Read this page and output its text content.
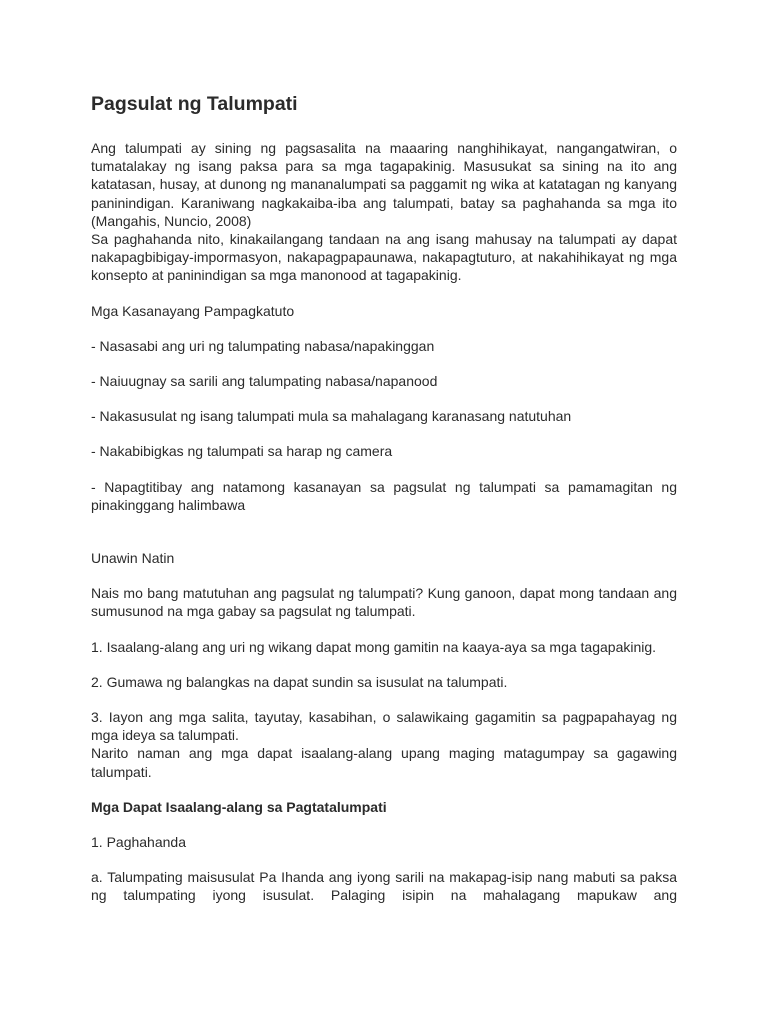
Pagsulat ng Talumpati

Ang talumpati ay sining ng pagsasalita na maaaring nanghihikayat, nangangatwiran, o tumatalakay ng isang paksa para sa mga tagapakinig. Masusukat sa sining na ito ang katatasan, husay, at dunong ng mananalumpati sa paggamit ng wika at katatagan ng kanyang paninindigan. Karaniwang nagkakaiba-iba ang talumpati, batay sa paghahanda sa mga ito (Mangahis, Nuncio, 2008)

Sa paghahanda nito, kinakailangang tandaan na ang isang mahusay na talumpati ay dapat nakapagbibigay-impormasyon, nakapagpapaunawa, nakapagtuturo, at nakahihikayat ng mga konsepto at paninindigan sa mga manonood at tagapakinig.

Mga Kasanayang Pampagkatuto

- Nasasabi ang uri ng talumpating nabasa/napakinggan

- Naiuugnay sa sarili ang talumpating nabasa/napanood

- Nakasusulat ng isang talumpati mula sa mahalagang karanasang natutuhan

- Nakabibigkas ng talumpati sa harap ng camera

- Napagtitibay ang natamong kasanayan sa pagsulat ng talumpati sa pamamagitan ng pinakinggang halimbawa

Unawin Natin

Nais mo bang matutuhan ang pagsulat ng talumpati? Kung ganoon, dapat mong tandaan ang sumusunod na mga gabay sa pagsulat ng talumpati.

1. Isaalang-alang ang uri ng wikang dapat mong gamitin na kaaya-aya sa mga tagapakinig.

2. Gumawa ng balangkas na dapat sundin sa isusulat na talumpati.

3. Iayon ang mga salita, tayutay, kasabihan, o salawikaing gagamitin sa pagpapahayag ng mga ideya sa talumpati.

Narito naman ang mga dapat isaalang-alang upang maging matagumpay sa gagawing talumpati.

Mga Dapat Isaalang-alang sa Pagtatalumpati

1. Paghahanda

a. Talumpating maisusulat Pa Ihanda ang iyong sarili na makapag-isip nang mabuti sa paksa ng talumpating iyong isusulat. Palaging isipin na mahalagang mapukaw ang
